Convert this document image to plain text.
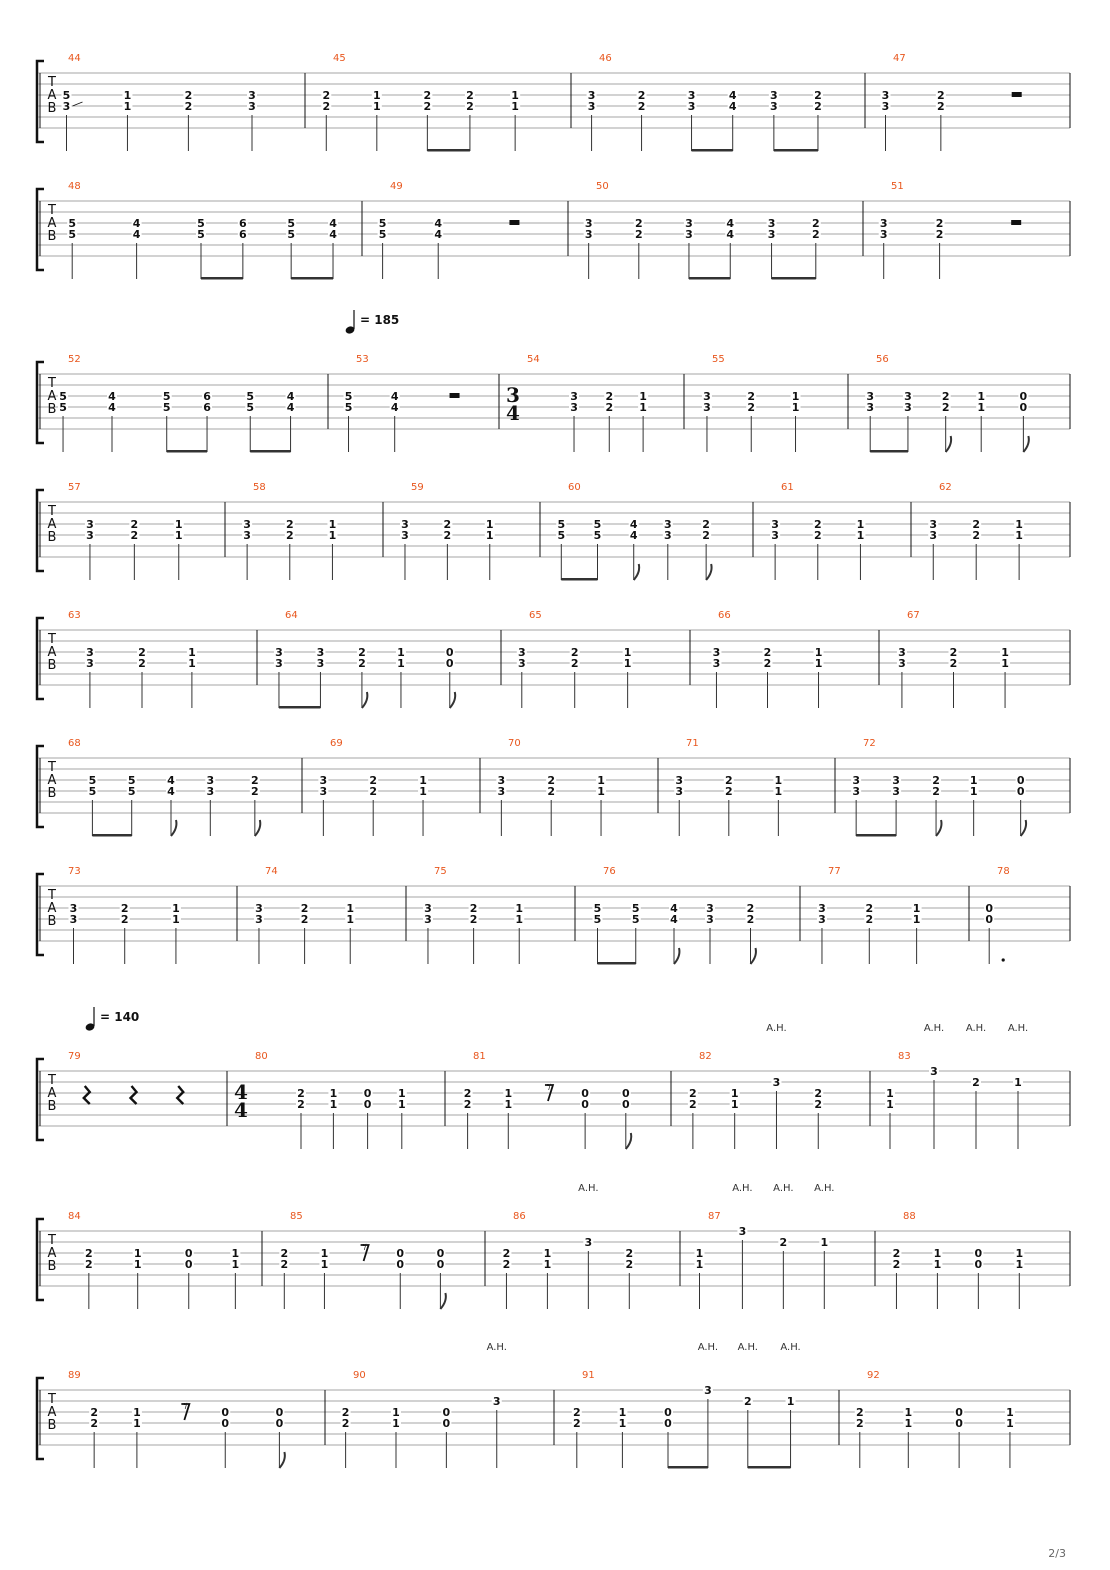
T
A
B
44
3
5
1
1
2
2
3
3
45
2
2
1
1
2
2
2
2
1
1
46
3
3
2
2
3
3
4
4
3
3
2
2
47
3
3
2
2
T
A
B
48
5
5
4
4
5
5
6
6
5
5
4
4
49
5
5
4
4
50
3
3
2
2
3
3
4
4
3
3
2
2
51
3
3
2
2
T
A
B
52
5
5
4
4
5
5
6
6
5
5
4
4
53
= 185
5
5
4
4
54
3
4	3
3
2
2
1
1
55
3
3
2
2
1
1
56
3
3
3
3
2
2
1
1
0
0
T
A
B
57
3
3
2
2
1
1
58
3
3
2
2
1
1
59
3
3
2
2
1
1
60
5
5
5
5
4
4
3
3
2
2
61
3
3
2
2
1
1
62
3
3
2
2
1
1
T
A
B
63
3
3
2
2
1
1
64
3
3
3
3
2
2
1
1
0
0
65
3
3
2
2
1
1
66
3
3
2
2
1
1
67
3
3
2
2
1
1
T
A
B
68
5
5
5
5
4
4
3
3
2
2
69
3
3
2
2
1
1
70
3
3
2
2
1
1
71
3
3
2
2
1
1
72
3
3
3
3
2
2
1
1
0
0
T
A
B
73
3
3
2
2
1
1
74
3
3
2
2
1
1
75
3
3
2
2
1
1
76
5
5
5
5
4
4
3
3
2
2
77
3
3
2
2
1
1
78
0
0
T
A
B
79	80
4
4
= 140
2
2
1
1
0
0
1
1
81
2
2
1
1
0
0
0
0
𝄾
82
2
2
1
1
3
A.H.
2
2
83
1
1
3
A.H.
2
A.H.
1
A.H.
T
A
B
84
2
2
1
1
0
0
1
1
85
2
2
1
1
0
0
0
0
𝄾
86
2
2
1
1
3
A.H.
2
2
87
1
1
3
A.H.
2
A.H.
1
A.H.
88
2
2
1
1
0
0
1
1
T
A
B
89
2
2
1
1
0
0
0
0
𝄾
90
2
2
1
1
0
0
3
A.H.
91
2
2
1
1
0
0
3
A.H.
2
A.H.
1
A.H.
92
2
2
1
1
0
0
1
1
2/3
